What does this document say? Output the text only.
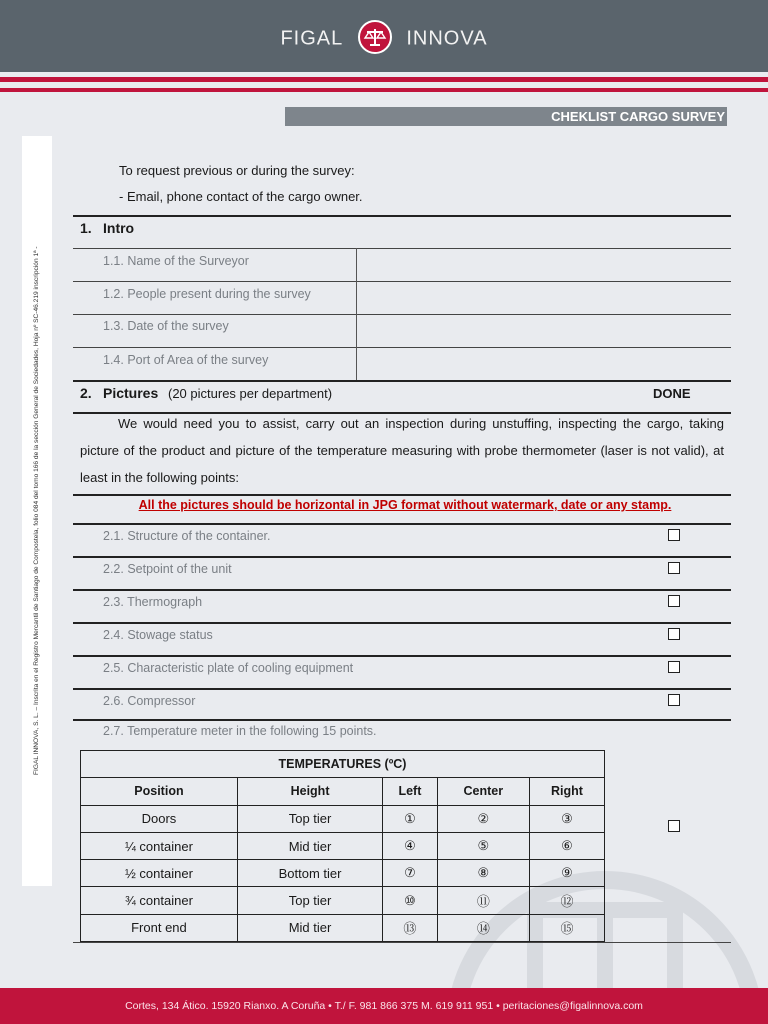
FIGAL	INNOVA
FIGAL INNOVA, S. L. – Inscrita en el Registro Mercantil de Santiago de Compostela, folio 084 del tomo 166 de la sección General de Sociedades, Hoja nº SC-46.219 inscripción 1ª -
CHEKLIST CARGO SURVEY
To request previous or during the survey:
- Email, phone contact of the cargo owner.
1. Intro
1.1. Name of the Surveyor
1.2. People present during the survey
1.3. Date of the survey
1.4. Port of Area of the survey
2. Pictures (20 pictures per department)	DONE
We would need you to assist, carry out an inspection during unstuffing, inspecting the cargo, taking picture of the product and picture of the temperature measuring with probe thermometer (laser is not valid), at least in the following points:
All the pictures should be horizontal in JPG format without watermark, date or any stamp.
2.1. Structure of the container.
2.2. Setpoint of the unit
2.3. Thermograph
2.4. Stowage status
2.5. Characteristic plate of cooling equipment
2.6. Compressor
2.7. Temperature meter in the following 15 points.
TEMPERATURES (ºC)				
Position	Height	Left	Center	Right
Doors	Top tier	①	②	③
¼ container	Mid tier	④	⑤	⑥
½ container	Bottom tier	⑦	⑧	⑨
¾ container	Top tier	⑩	⑪	⑫
Front end	Mid tier	⑬	⑭	⑮
Cortes, 134 Ático. 15920 Rianxo. A Coruña • T./ F. 981 866 375 M. 619 911 951 • peritaciones@figalinnova.com
